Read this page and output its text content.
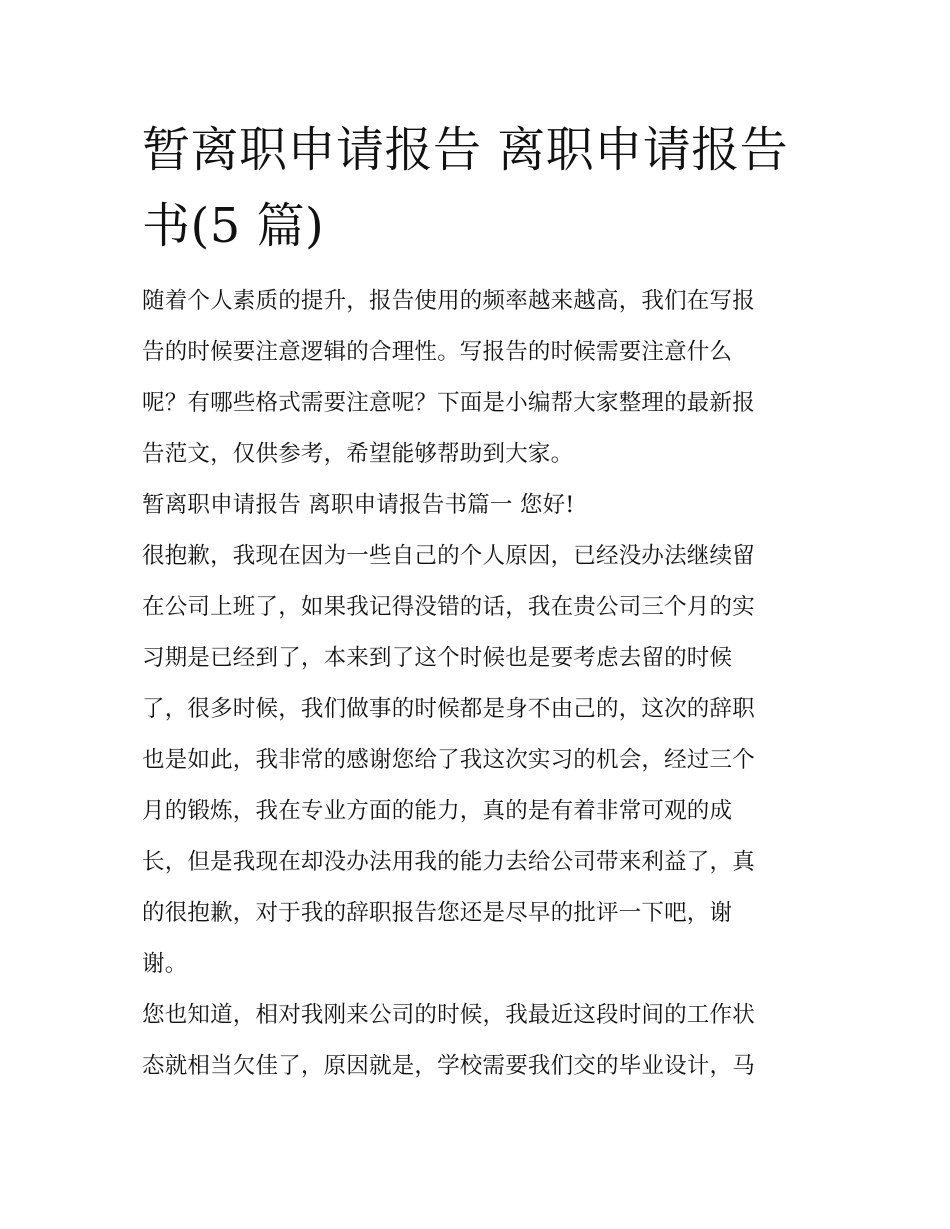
暂离职申请报告 离职申请报告
书(5 篇)

随着个人素质的提升，报告使用的频率越来越高，我们在写报

告的时候要注意逻辑的合理性。写报告的时候需要注意什么

呢？有哪些格式需要注意呢？下面是小编帮大家整理的最新报

告范文，仅供参考，希望能够帮助到大家。

暂离职申请报告 离职申请报告书篇一 您好!

很抱歉，我现在因为一些自己的个人原因，已经没办法继续留

在公司上班了，如果我记得没错的话，我在贵公司三个月的实

习期是已经到了，本来到了这个时候也是要考虑去留的时候

了，很多时候，我们做事的时候都是身不由己的，这次的辞职

也是如此，我非常的感谢您给了我这次实习的机会，经过三个

月的锻炼，我在专业方面的能力，真的是有着非常可观的成

长，但是我现在却没办法用我的能力去给公司带来利益了，真

的很抱歉，对于我的辞职报告您还是尽早的批评一下吧，谢

谢。

您也知道，相对我刚来公司的时候，我最近这段时间的工作状

态就相当欠佳了，原因就是，学校需要我们交的毕业设计，马
